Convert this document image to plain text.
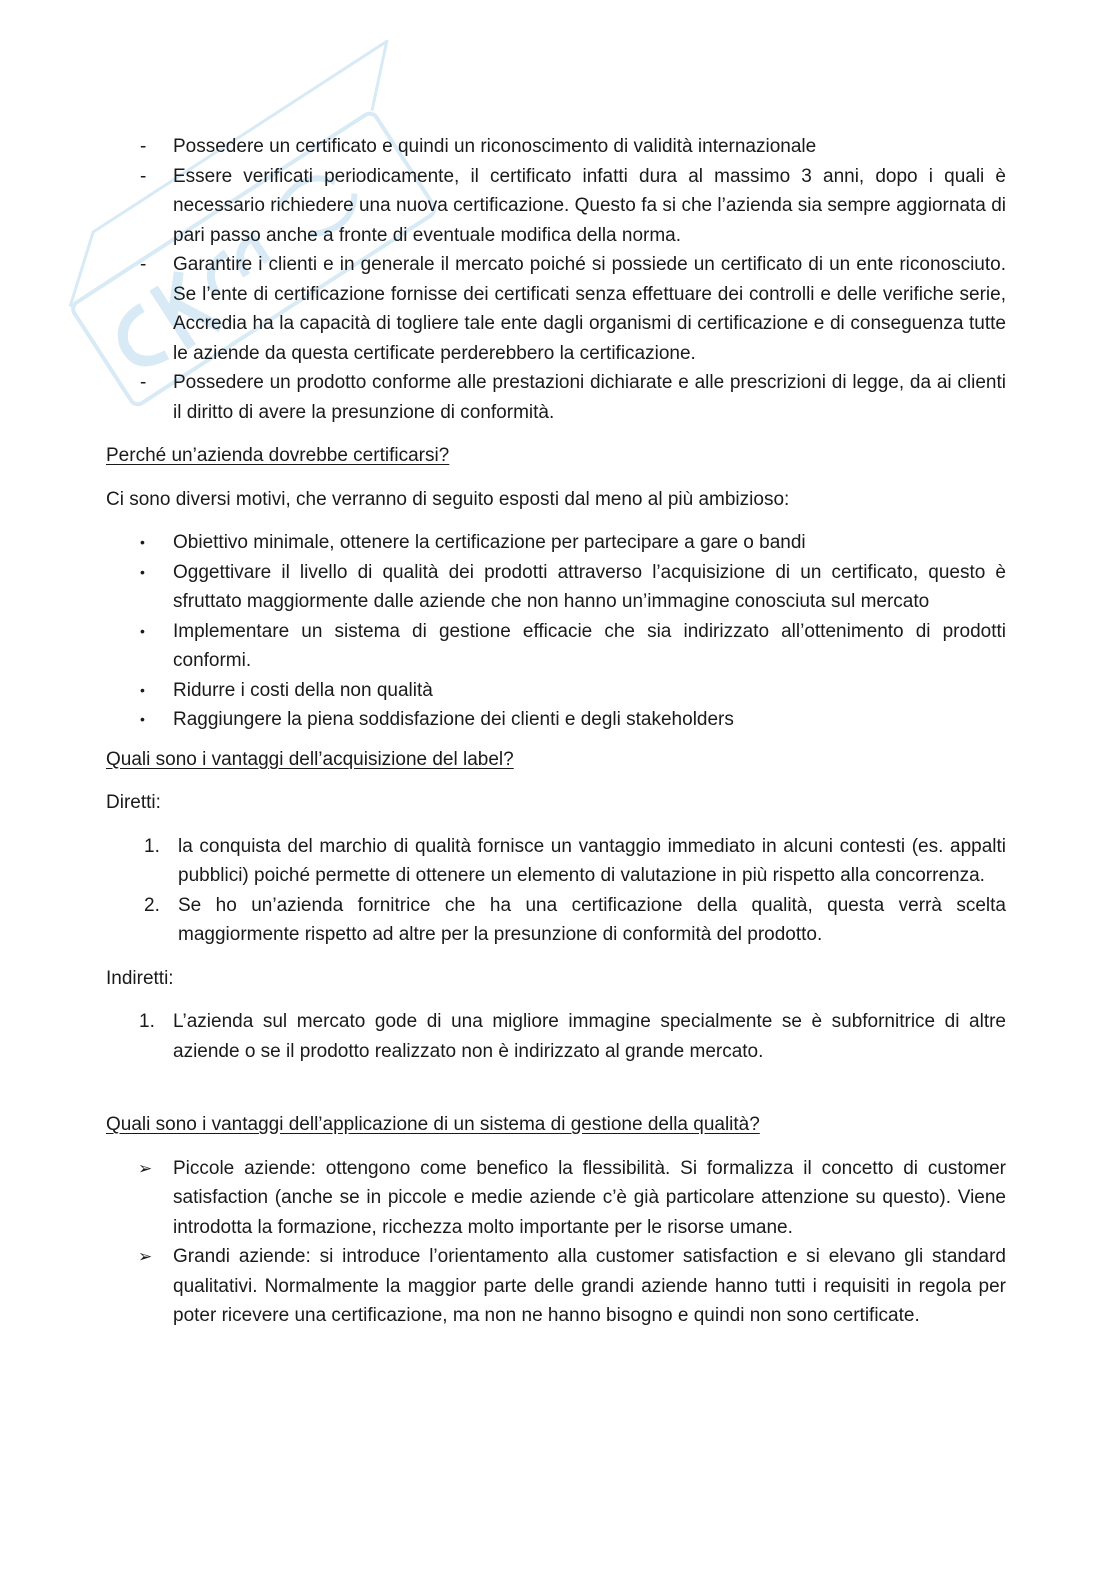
-	Possedere un certificato e quindi un riconoscimento di validità internazionale
-	Essere verificati periodicamente, il certificato infatti dura al massimo 3 anni, dopo i quali è necessario richiedere una nuova certificazione. Questo fa si che l’azienda sia sempre aggiornata di pari passo anche a fronte di eventuale modifica della norma.
-	Garantire i clienti e in generale il mercato poiché si possiede un certificato di un ente riconosciuto. Se l’ente di certificazione fornisse dei certificati senza effettuare dei controlli e delle verifiche serie, Accredia ha la capacità di togliere tale ente dagli organismi di certificazione e di conseguenza tutte le aziende da questa certificate perderebbero la certificazione.
-	Possedere un prodotto conforme alle prestazioni dichiarate e alle prescrizioni di legge, da ai clienti il diritto di avere la presunzione di conformità.

Perché un’azienda dovrebbe certificarsi?

Ci sono diversi motivi, che verranno di seguito esposti dal meno al più ambizioso:

•	Obiettivo minimale, ottenere la certificazione per partecipare a gare o bandi
•	Oggettivare il livello di qualità dei prodotti attraverso l’acquisizione di un certificato, questo è sfruttato maggiormente dalle aziende che non hanno un’immagine conosciuta sul mercato
•	Implementare un sistema di gestione efficacie che sia indirizzato all’ottenimento di prodotti conformi.
•	Ridurre i costi della non qualità
•	Raggiungere la piena soddisfazione dei clienti e degli stakeholders

Quali sono i vantaggi dell’acquisizione del label?

Diretti:

1. la conquista del marchio di qualità fornisce un vantaggio immediato in alcuni contesti (es. appalti pubblici) poiché permette di ottenere un elemento di valutazione in più rispetto alla concorrenza.
2. Se ho un’azienda fornitrice che ha una certificazione della qualità, questa verrà scelta maggiormente rispetto ad altre per la presunzione di conformità del prodotto.

Indiretti:

1. L’azienda sul mercato gode di una migliore immagine specialmente se è subfornitrice di altre aziende o se il prodotto realizzato non è indirizzato al grande mercato.

Quali sono i vantaggi dell’applicazione di un sistema di gestione della qualità?

➢	Piccole aziende: ottengono come benefico la flessibilità. Si formalizza il concetto di customer satisfaction (anche se in piccole e medie aziende c’è già particolare attenzione su questo). Viene introdotta la formazione, ricchezza molto importante per le risorse umane.
➢	Grandi aziende: si introduce l’orientamento alla customer satisfaction e si elevano gli standard qualitativi. Normalmente la maggior parte delle grandi aziende hanno tutti i requisiti in regola per poter ricevere una certificazione, ma non ne hanno bisogno e quindi non sono certificate.
